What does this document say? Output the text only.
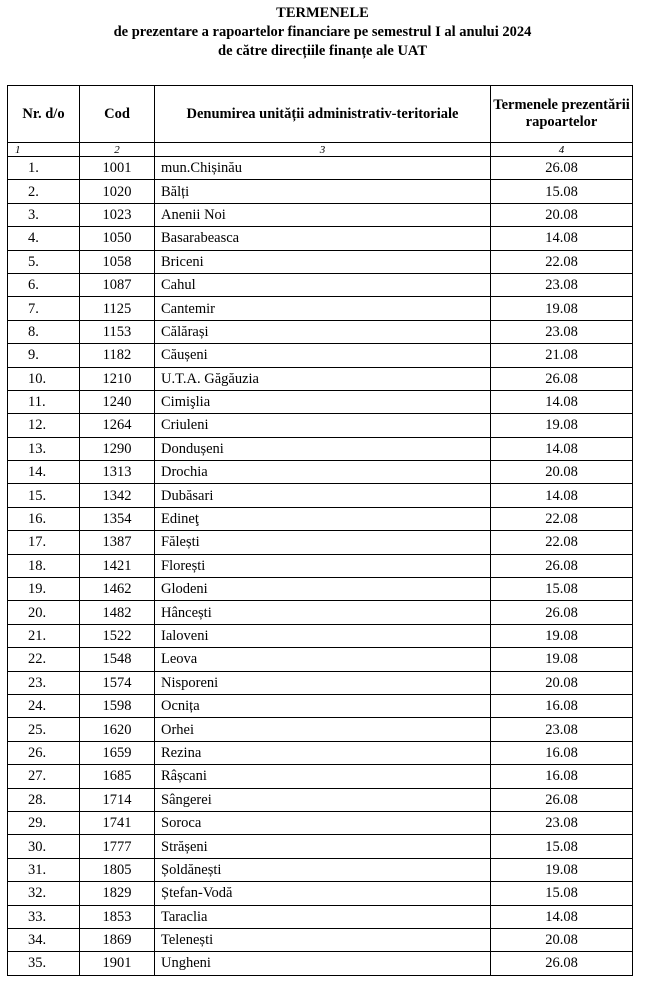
TERMENELE
de prezentare a rapoartelor financiare pe semestrul I al anului 2024
de către direcțiile finanțe ale UAT
Nr. d/o	Cod	Denumirea unității administrativ-teritoriale	Termenele prezentării rapoartelor
1	2	3	4
1.	1001	mun.Chișinău	26.08
2.	1020	Bălți	15.08
3.	1023	Anenii Noi	20.08
4.	1050	Basarabeasca	14.08
5.	1058	Briceni	22.08
6.	1087	Cahul	23.08
7.	1125	Cantemir	19.08
8.	1153	Călărași	23.08
9.	1182	Căușeni	21.08
10.	1210	U.T.A. Găgăuzia	26.08
11.	1240	Cimişlia	14.08
12.	1264	Criuleni	19.08
13.	1290	Dondușeni	14.08
14.	1313	Drochia	20.08
15.	1342	Dubăsari	14.08
16.	1354	Edineţ	22.08
17.	1387	Fălești	22.08
18.	1421	Florești	26.08
19.	1462	Glodeni	15.08
20.	1482	Hâncești	26.08
21.	1522	Ialoveni	19.08
22.	1548	Leova	19.08
23.	1574	Nisporeni	20.08
24.	1598	Ocnița	16.08
25.	1620	Orhei	23.08
26.	1659	Rezina	16.08
27.	1685	Râșcani	16.08
28.	1714	Sângerei	26.08
29.	1741	Soroca	23.08
30.	1777	Strășeni	15.08
31.	1805	Șoldănești	19.08
32.	1829	Ștefan-Vodă	15.08
33.	1853	Taraclia	14.08
34.	1869	Telenești	20.08
35.	1901	Ungheni	26.08
